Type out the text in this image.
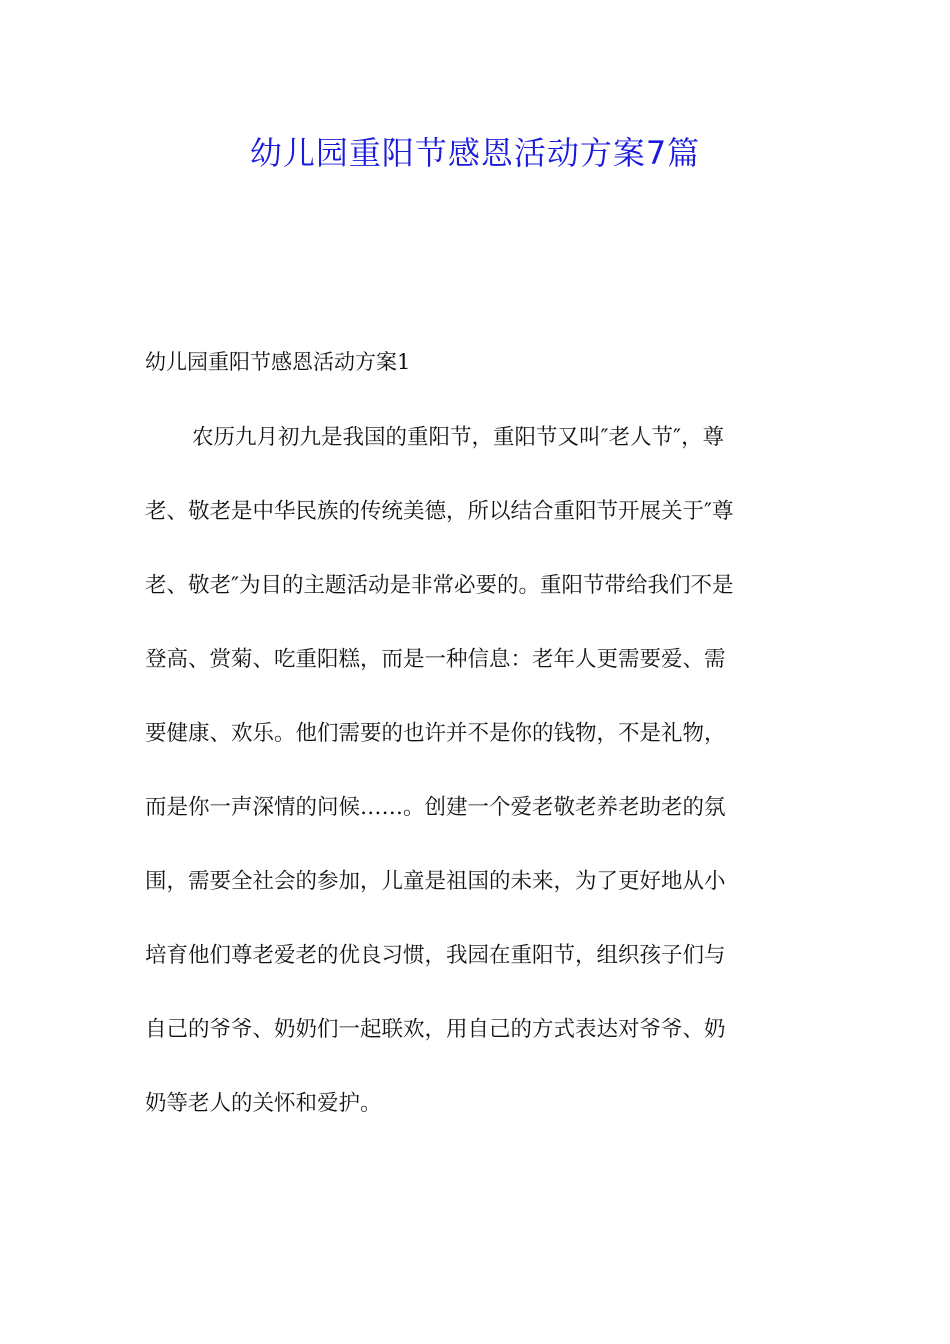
幼儿园重阳节感恩活动方案7篇
幼儿园重阳节感恩活动方案1

农历九月初九是我国的重阳节，重阳节又叫″老人节″，尊

老、敬老是中华民族的传统美德，所以结合重阳节开展关于″尊

老、敬老″为目的主题活动是非常必要的。重阳节带给我们不是

登高、赏菊、吃重阳糕，而是一种信息：老年人更需要爱、需

要健康、欢乐。他们需要的也许并不是你的钱物，不是礼物，

而是你一声深情的问候……。创建一个爱老敬老养老助老的氛

围，需要全社会的参加，儿童是祖国的未来，为了更好地从小

培育他们尊老爱老的优良习惯，我园在重阳节，组织孩子们与

自己的爷爷、奶奶们一起联欢，用自己的方式表达对爷爷、奶

奶等老人的关怀和爱护。
